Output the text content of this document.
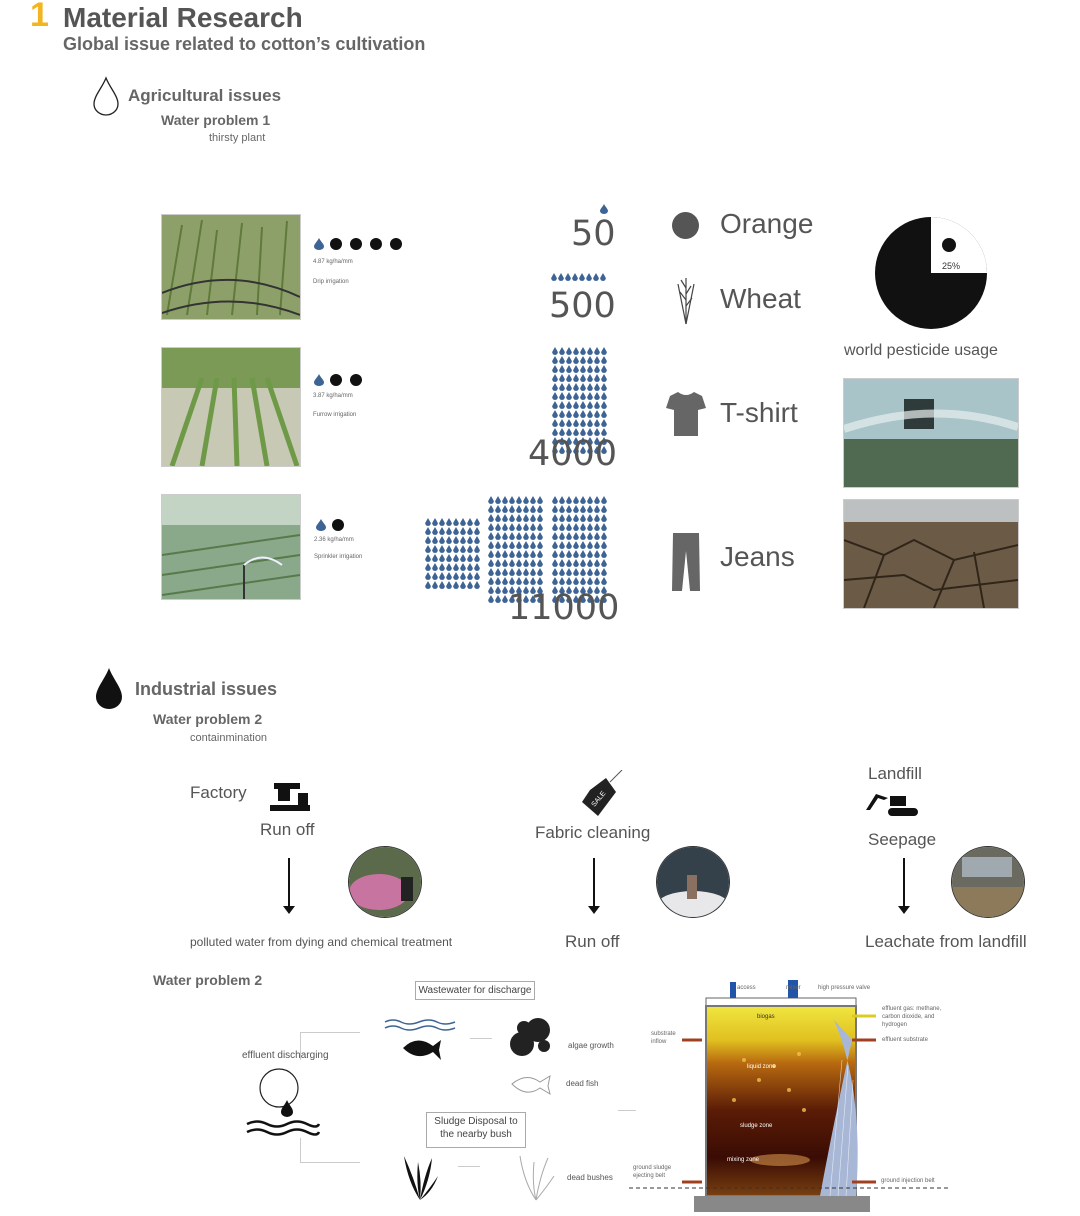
1 Material Research
Global issue related to cotton’s cultivation
Agricultural issues
Water problem 1
thirsty plant
4.87 kg/ha/mm
Drip irrigation
3.87 kg/ha/mm
Furrow irrigation
2.36 kg/ha/mm
Sprinkler irrigation
50
500
4000
11000
Orange
Wheat
T-shirt
Jeans
25%
world pesticide usage
Industrial issues
Water problem 2
containmination
Factory
Run off
polluted water from dying and chemical treatment
SALE
Fabric cleaning
Run off
Landfill
Seepage
Leachate from landfill
Water problem 2
Wastewater for discharge
effluent discharging
algae growth
dead fish
Sludge Disposal to the nearby bush
dead bushes
access	mixer	high pressure valve
effluent gas: methane, carbon dioxide, and hydrogen
substrate inflow	effluent substrate
biogas
liquid zone
sludge zone
mixing zone
ground sludge ejecting belt
ground injection belt
